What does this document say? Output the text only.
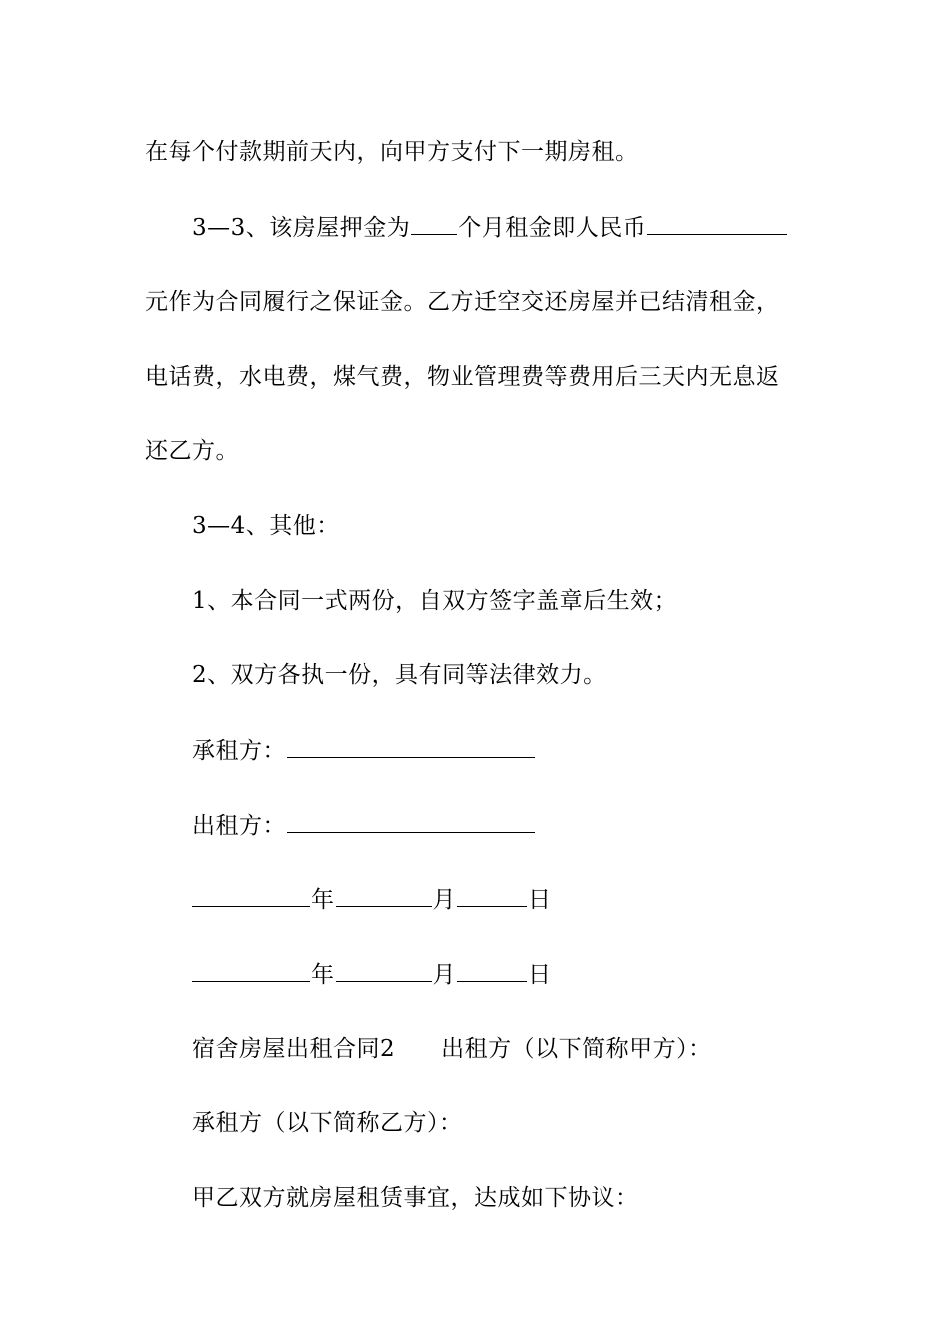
在每个付款期前天内，向甲方支付下一期房租。
3—3、该房屋押金为 个月租金即人民币
元作为合同履行之保证金。乙方迁空交还房屋并已结清租金，
电话费，水电费，煤气费，物业管理费等费用后三天内无息返
还乙方。
3—4、其他：
1、本合同一式两份，自双方签字盖章后生效；
2、双方各执一份，具有同等法律效力。
承租方：
出租方：
年	月	日
年	月	日
宿舍房屋出租合同2 出租方（以下简称甲方）：
承租方（以下简称乙方）：
甲乙双方就房屋租赁事宜，达成如下协议：
